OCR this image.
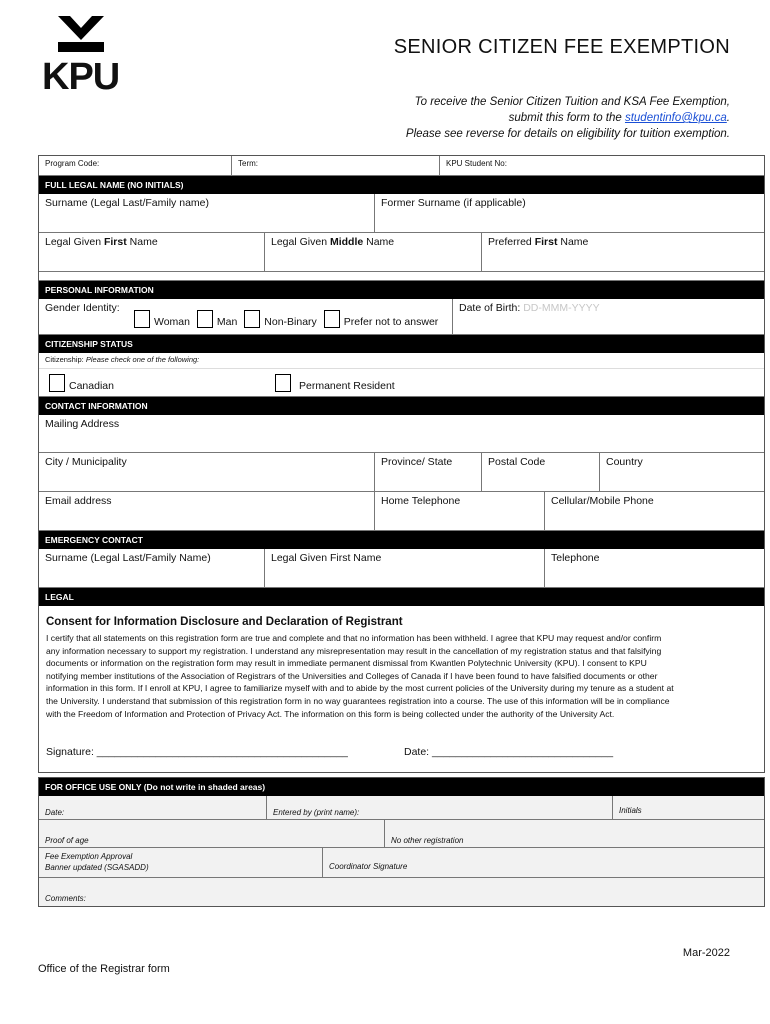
KPU
SENIOR CITIZEN FEE EXEMPTION
To receive the Senior Citizen Tuition and KSA Fee Exemption,
submit this form to the studentinfo@kpu.ca.
Please see reverse for details on eligibility for tuition exemption.
Program Code:	Term:	KPU Student No:
FULL LEGAL NAME (NO INITIALS)
Surname (Legal Last/Family name)	Former Surname (if applicable)
Legal Given First Name	Legal Given Middle Name	Preferred First Name
PERSONAL INFORMATION
Gender Identity:
Woman
	Man
	Non-Binary
	Prefer not to answer
Date of Birth: DD-MMM-YYYY
CITIZENSHIP STATUS
Citizenship: Please check one of the following:
Canadian	Permanent Resident
CONTACT INFORMATION
Mailing Address
City / Municipality	Province/ State	Postal Code	Country
Email address	Home Telephone	Cellular/Mobile Phone
EMERGENCY CONTACT
Surname (Legal Last/Family Name)	Legal Given First Name	Telephone
LEGAL
Consent for Information Disclosure and Declaration of Registrant

I certify that all statements on this registration form are true and complete and that no information has been withheld. I agree that KPU may request and/or confirm
any information necessary to support my registration. I understand any misrepresentation may result in the cancellation of my registration status and that falsifying
documents or information on the registration form may result in immediate permanent dismissal from Kwantlen Polytechnic University (KPU). I consent to KPU
notifying member institutions of the Association of Registrars of the Universities and Colleges of Canada if I have been found to have falsified documents or other
information in this form. If I enroll at KPU, I agree to familiarize myself with and to abide by the most current policies of the University during my tenure as a student at
the University. I understand that submission of this registration form in no way guarantees registration into a course. The use of this information will be in compliance
with the Freedom of Information and Protection of Privacy Act. The information on this form is being collected under the authority of the University Act.

Signature: ___________________________________________	Date: _______________________________
FOR OFFICE USE ONLY (Do not write in shaded areas)
Date:	Entered by (print name):	Initials
Proof of age	No other registration
Fee Exemption Approval
Banner updated (SGASADD)	Coordinator Signature
Comments:
Mar-2022
Office of the Registrar form
